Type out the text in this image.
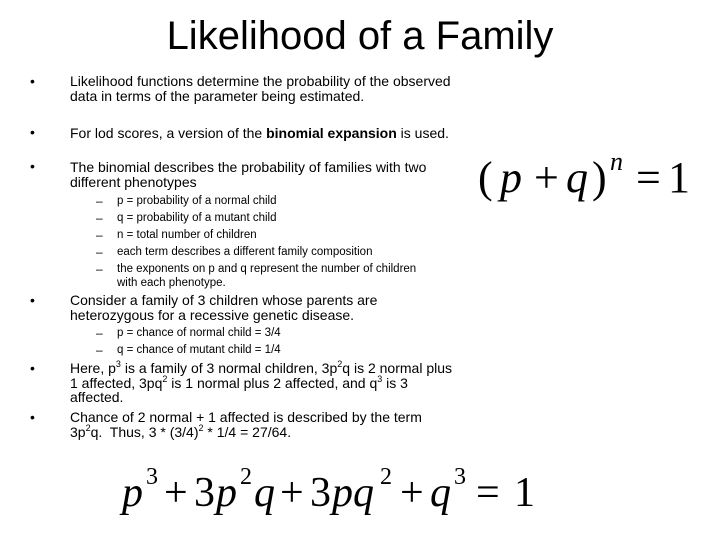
Likelihood of a Family
•	Likelihood functions determine the probability of the observed data in terms of the parameter being estimated.
•	For lod scores, a version of the binomial expansion is used.
•	The binomial describes the probability of families with two different phenotypes
– p = probability of a normal child
– q = probability of a mutant child
– n = total number of children
– each term describes a different family composition
– the exponents on p and q represent the number of children with each phenotype.
•	Consider a family of 3 children whose parents are heterozygous for a recessive genetic disease.
– p = chance of normal child = 3/4
– q = chance of mutant child = 1/4
•	Here, $p^3$ is a family of 3 normal children, $3p^2q$ is 2 normal plus 1 affected, $3pq^2$ is 1 normal plus 2 affected, and $q^3$ is 3 affected.
•	Chance of 2 normal + 1 affected is described by the term $3p^2q$.  Thus, $3 * (3/4)^2 * 1/4 = 27/64$.
( p + q ) n = 1
p 3 + 3 p 2 q + 3 pq 2 + q 3 = 1
